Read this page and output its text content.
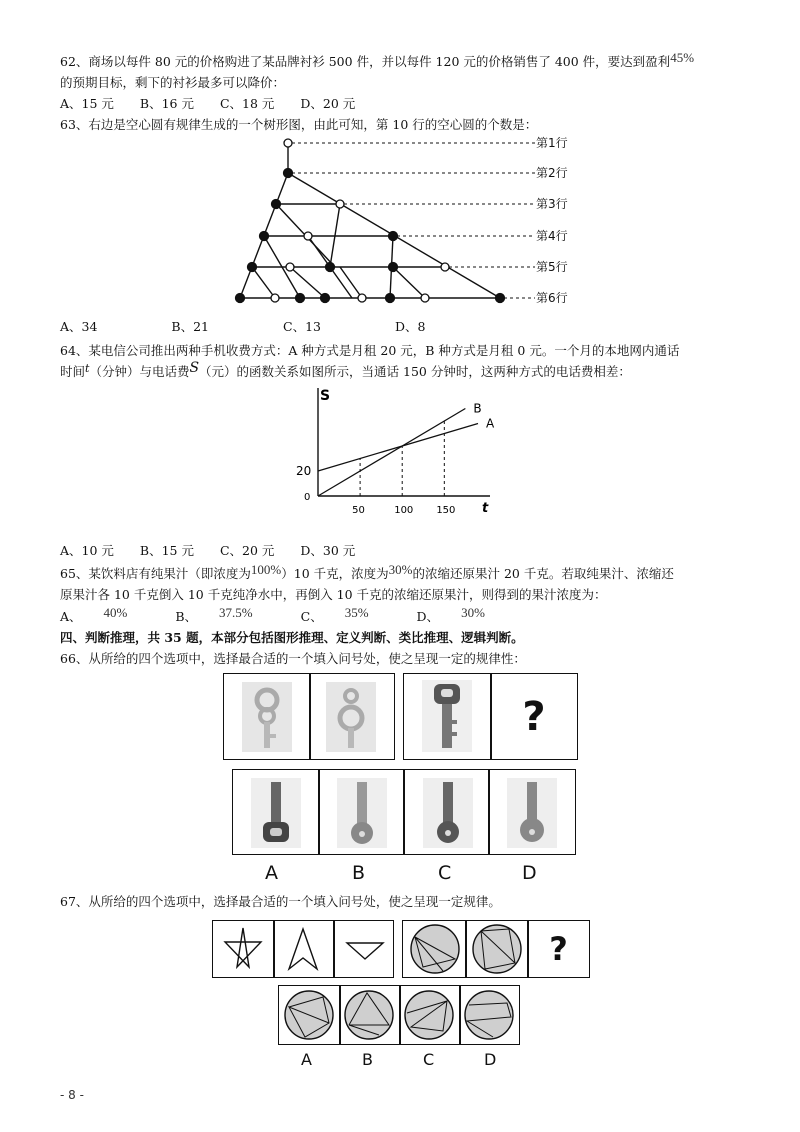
62、商场以每件 80 元的价格购进了某品牌衬衫 500 件，并以每件 120 元的价格销售了 400 件，要达到盈利45%
的预期目标，剩下的衬衫最多可以降价：
A、15 元 B、16 元 C、18 元 D、20 元
63、右边是空心圆有规律生成的一个树形图，由此可知，第 10 行的空心圆的个数是：
第1行
第2行
第3行
第4行
第5行
第6行
A、34	B、21	C、13	D、8
64、某电信公司推出两种手机收费方式：A 种方式是月租 20 元，B 种方式是月租 0 元。一个月的本地网内通话
时间t（分钟）与电话费S（元）的函数关系如图所示，当通话 150 分钟时，这两种方式的电话费相差：
S
t
0
50	100 150
20
A
B
A、10 元 B、15 元 C、20 元 D、30 元
65、某饮料店有纯果汁（即浓度为100%）10 千克，浓度为30%的浓缩还原果汁 20 千克。若取纯果汁、浓缩还
原果汁各 10 千克倒入 10 千克纯净水中，再倒入 10 千克的浓缩还原果汁，则得到的果汁浓度为：
A、 40%	B、 37.5%	C、 35%	D、 30%
四、判断推理，共 35 题，本部分包括图形推理、定义判断、类比推理、逻辑判断。
66、从所给的四个选项中，选择最合适的一个填入问号处，使之呈现一定的规律性：
?
A	B	C	D
67、从所给的四个选项中，选择最合适的一个填入问号处，使之呈现一定规律。
?
A	B	C	D
- 8 -
